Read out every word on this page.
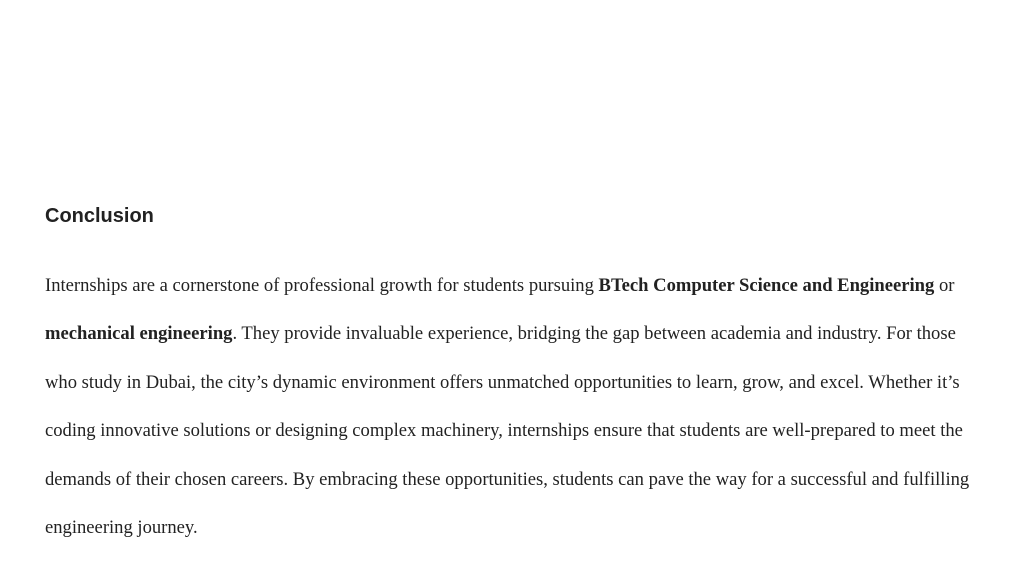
Conclusion

Internships are a cornerstone of professional growth for students pursuing BTech Computer Science and Engineering or mechanical engineering. They provide invaluable experience, bridging the gap between academia and industry. For those who study in Dubai, the city’s dynamic environment offers unmatched opportunities to learn, grow, and excel. Whether it’s coding innovative solutions or designing complex machinery, internships ensure that students are well-prepared to meet the demands of their chosen careers. By embracing these opportunities, students can pave the way for a successful and fulfilling engineering journey.
